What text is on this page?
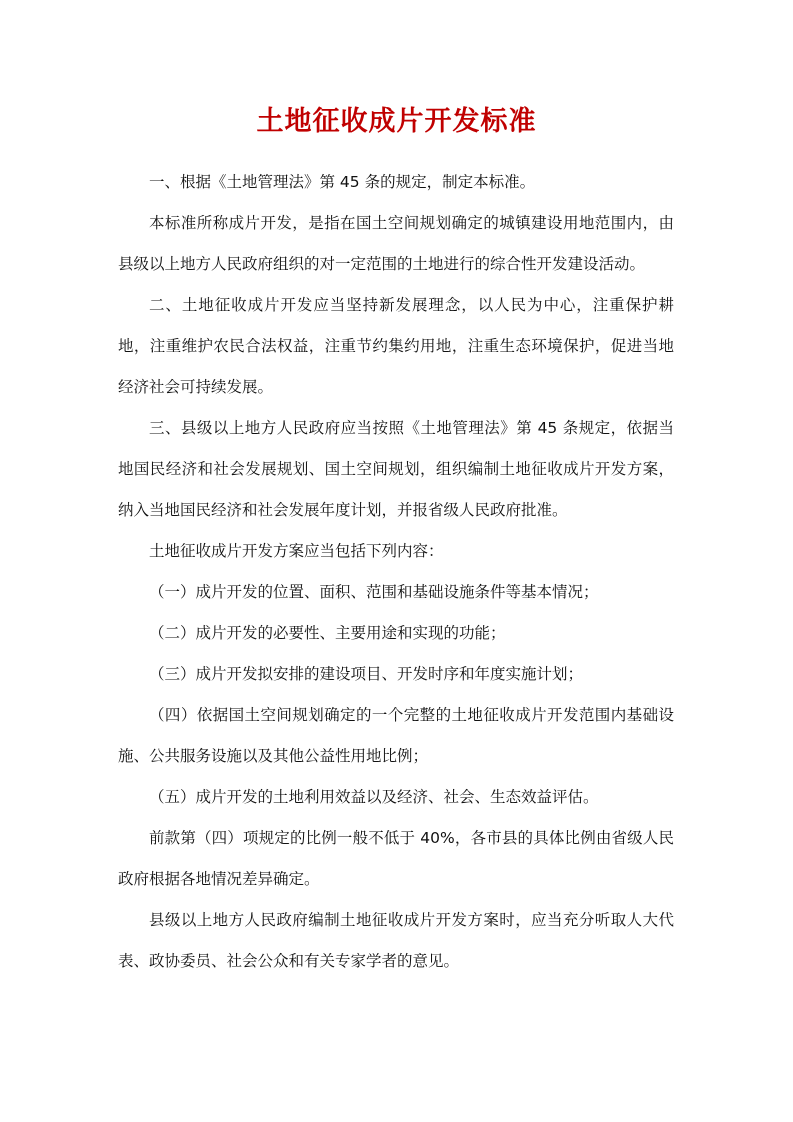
土地征收成片开发标准

一、根据《土地管理法》第 45 条的规定，制定本标准。

本标准所称成片开发，是指在国土空间规划确定的城镇建设用地范围内，由县级以上地方人民政府组织的对一定范围的土地进行的综合性开发建设活动。

二、土地征收成片开发应当坚持新发展理念，以人民为中心，注重保护耕地，注重维护农民合法权益，注重节约集约用地，注重生态环境保护，促进当地经济社会可持续发展。

三、县级以上地方人民政府应当按照《土地管理法》第 45 条规定，依据当地国民经济和社会发展规划、国土空间规划，组织编制土地征收成片开发方案，纳入当地国民经济和社会发展年度计划，并报省级人民政府批准。

土地征收成片开发方案应当包括下列内容：

（一）成片开发的位置、面积、范围和基础设施条件等基本情况；

（二）成片开发的必要性、主要用途和实现的功能；

（三）成片开发拟安排的建设项目、开发时序和年度实施计划；

（四）依据国土空间规划确定的一个完整的土地征收成片开发范围内基础设施、公共服务设施以及其他公益性用地比例；

（五）成片开发的土地利用效益以及经济、社会、生态效益评估。

前款第（四）项规定的比例一般不低于 40%，各市县的具体比例由省级人民政府根据各地情况差异确定。

县级以上地方人民政府编制土地征收成片开发方案时，应当充分听取人大代表、政协委员、社会公众和有关专家学者的意见。
